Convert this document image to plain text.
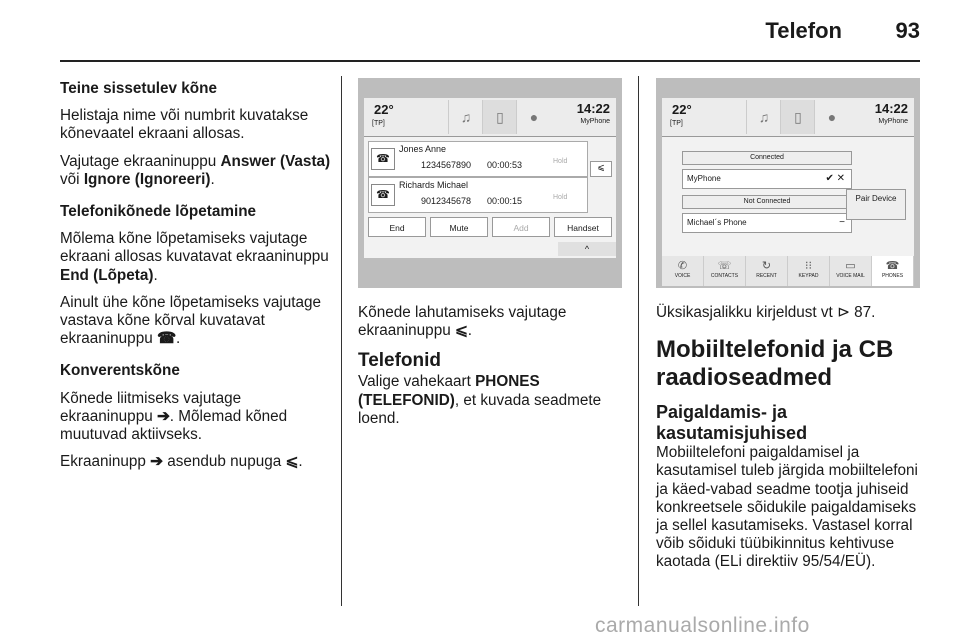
Telefon 93

Teine sissetulev kõne

Helistaja nime või numbrit kuvatakse kõnevaatel ekraani allosas.

Vajutage ekraaninuppu Answer (Vasta) või Ignore (Ignoreeri).

Telefonikõnede lõpetamine

Mõlema kõne lõpetamiseks vajutage ekraani allosas kuvatavat ekraaninuppu End (Lõpeta).

Ainult ühe kõne lõpetamiseks vajutage vastava kõne kõrval kuvatavat ekraaninuppu ☎.

Konverentskõne

Kõnede liitmiseks vajutage ekraaninuppu ➔. Mõlemad kõned muutuvad aktiivseks.

Ekraaninupp ➔ asendub nupuga ⩽.

22°
[TP]	♫	▯	●
14:22
MyPhone
☎
Jones Anne
1234567890 00:00:53	Hold
⩽
☎
Richards Michael
9012345678 00:00:15	Hold
End	Mute	Add	Handset
^

Kõnede lahutamiseks vajutage ekraaninuppu ⩽.

Telefonid

Valige vahekaart PHONES (TELEFONID), et kuvada seadmete loend.

22°
[TP]	♫	▯	●
14:22
MyPhone
Connected
MyPhone	✔ ✕
Not Connected
Michael´s Phone	−
Pair Device
✆
VOICE
☏
CONTACTS
↻
RECENT
⁝⁝
KEYPAD
▭
VOICE MAIL
☎
PHONES

Üksikasjalikku kirjeldust vt ⊳ 87.

Mobiiltelefonid ja CB raadioseadmed
Paigaldamis- ja kasutamisjuhised

Mobiiltelefoni paigaldamisel ja kasutamisel tuleb järgida mobiiltelefoni ja käed-vabad seadme tootja juhiseid konkreetsele sõidukile paigaldamiseks ja sellel kasutamiseks. Vastasel korral võib sõiduki tüübikinnitus kehtivuse kaotada (ELi direktiiv 95/54/EÜ).

carmanualsonline.info
